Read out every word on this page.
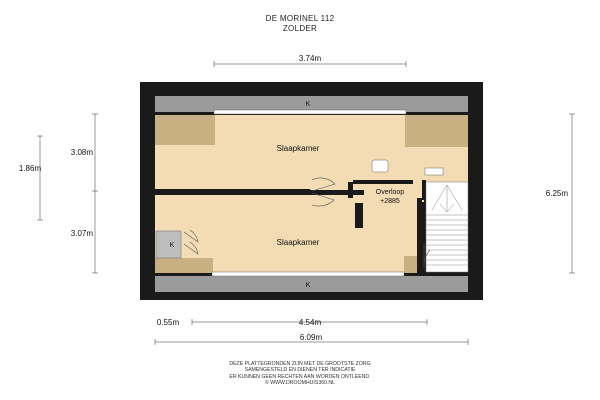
DE MORINEL 112
ZOLDER
K
K
K
Slaapkamer
Slaapkamer
Overloop
+2885
3.74m
3.08m
3.07m
1.86m
6.25m
0.55m	4.54m
6.09m
DEZE PLATTEGRONDEN ZIJN MET DE GROOTSTE ZORG
SAMENGESTELD EN DIENEN TER INDICATIE
ER KUNNEN GEEN RECHTEN AAN WORDEN ONTLEEND.
© WWW.DROOMHUIS360.NL
